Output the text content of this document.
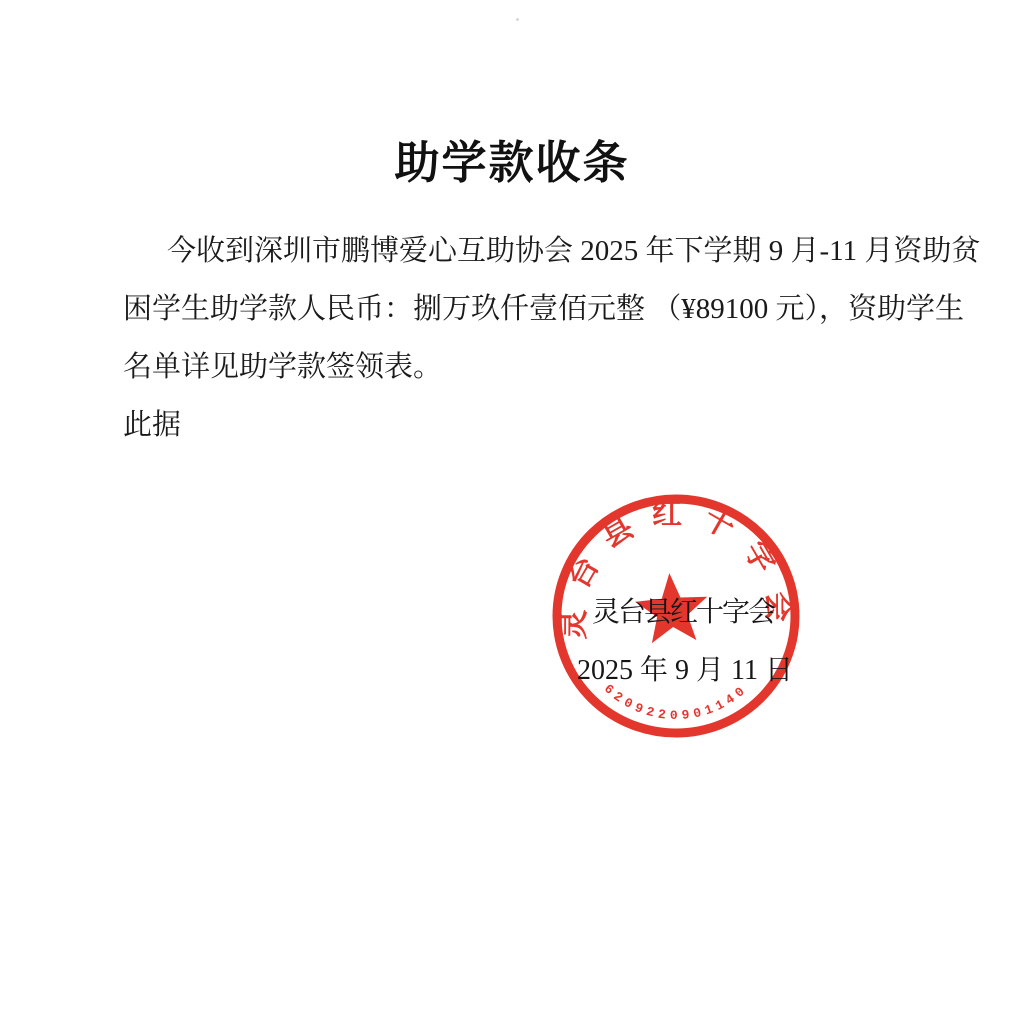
助学款收条
今收到深圳市鹏博爱心互助协会 2025 年下学期 9 月-11 月资助贫
困学生助学款人民币：捌万玖仟壹佰元整 （¥89100 元），资助学生
名单详见助学款签领表。
此据
灵台县红十字会
6209220901140
灵台县红十字会
2025 年 9 月 11 日
